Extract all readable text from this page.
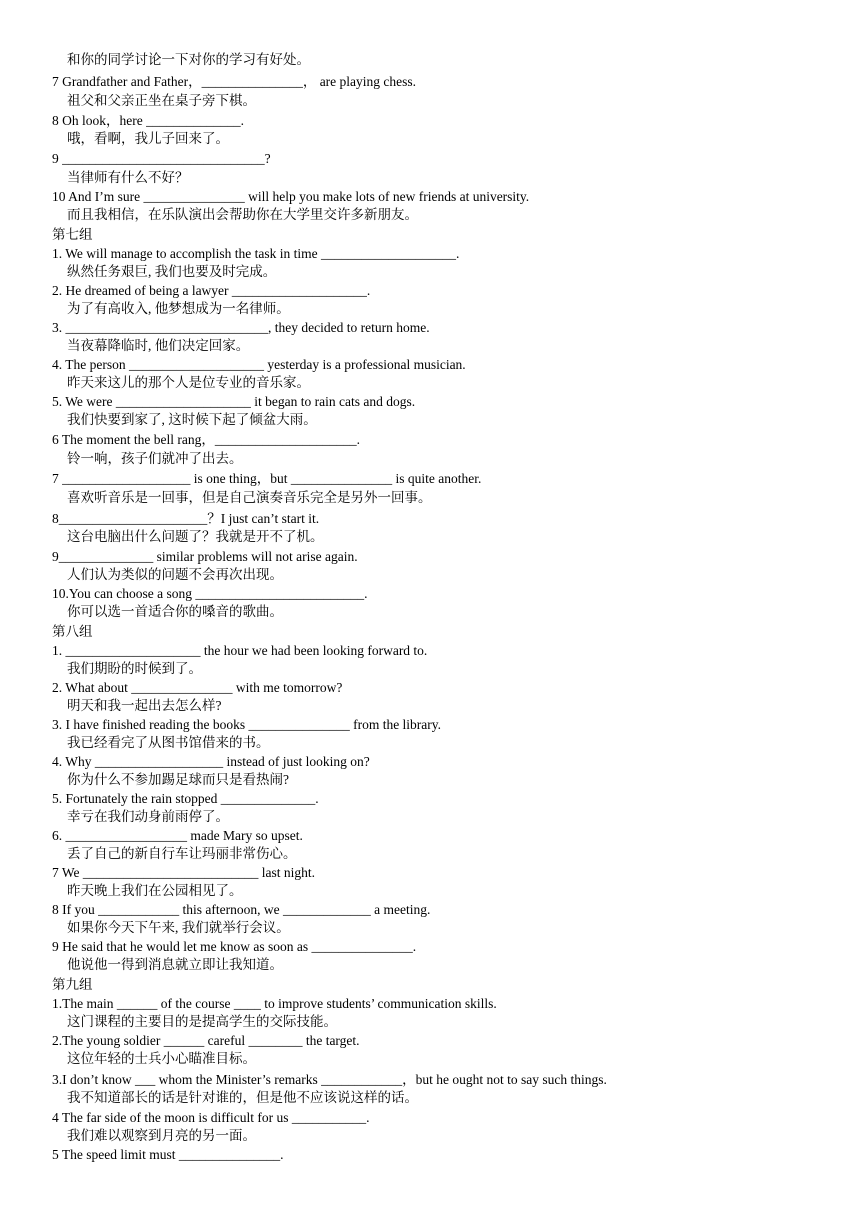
和你的同学讨论一下对你的学习有好处。
7 Grandfather and Father，_______________， are playing chess.
祖父和父亲正坐在桌子旁下棋。
8 Oh look，here ______________.
哦，看啊，我儿子回来了。
9 ______________________________?
当律师有什么不好？
10 And I’m sure _______________ will help you make lots of new friends at university.
而且我相信，在乐队演出会帮助你在大学里交许多新朋友。
第七组
1. We will manage to accomplish the task in time ____________________.
纵然任务艰巨, 我们也要及时完成。
2. He dreamed of being a lawyer ____________________.
为了有高收入, 他梦想成为一名律师。
3. ______________________________, they decided to return home.
当夜幕降临时, 他们决定回家。
4. The person ____________________ yesterday is a professional musician.
昨天来这儿的那个人是位专业的音乐家。
5. We were ____________________ it began to rain cats and dogs.
我们快要到家了, 这时候下起了倾盆大雨。
6 The moment the bell rang，_____________________.
铃一响，孩子们就冲了出去。
7 ___________________ is one thing，but _______________ is quite another.
喜欢听音乐是一回事，但是自己演奏音乐完全是另外一回事。
8______________________？I just can’t start it.
这台电脑出什么问题了？我就是开不了机。
9______________ similar problems will not arise again.
人们认为类似的问题不会再次出现。
10.You can choose a song _________________________.
你可以选一首适合你的嗓音的歌曲。
第八组
1. ____________________ the hour we had been looking forward to.
我们期盼的时候到了。
2. What about _______________ with me tomorrow?
明天和我一起出去怎么样?
3. I have finished reading the books _______________ from the library.
我已经看完了从图书馆借来的书。
4. Why ___________________ instead of just looking on?
你为什么不参加踢足球而只是看热闹?
5. Fortunately the rain stopped ______________.
幸亏在我们动身前雨停了。
6. __________________ made Mary so upset.
丢了自己的新自行车让玛丽非常伤心。
7 We __________________________ last night.
昨天晚上我们在公园相见了。
8 If you ____________ this afternoon, we _____________ a meeting.
如果你今天下午来, 我们就举行会议。
9 He said that he would let me know as soon as _______________.
他说他一得到消息就立即让我知道。
第九组
1.The main ______ of the course ____ to improve students’ communication skills.
这门课程的主要目的是提高学生的交际技能。
2.The young soldier ______ careful ________ the target.
这位年轻的士兵小心瞄准目标。
3.I don’t know ___ whom the Minister’s remarks ____________，but he ought not to say such things.
我不知道部长的话是针对谁的，但是他不应该说这样的话。
4 The far side of the moon is difficult for us ___________.
我们难以观察到月亮的另一面。
5 The speed limit must _______________.
